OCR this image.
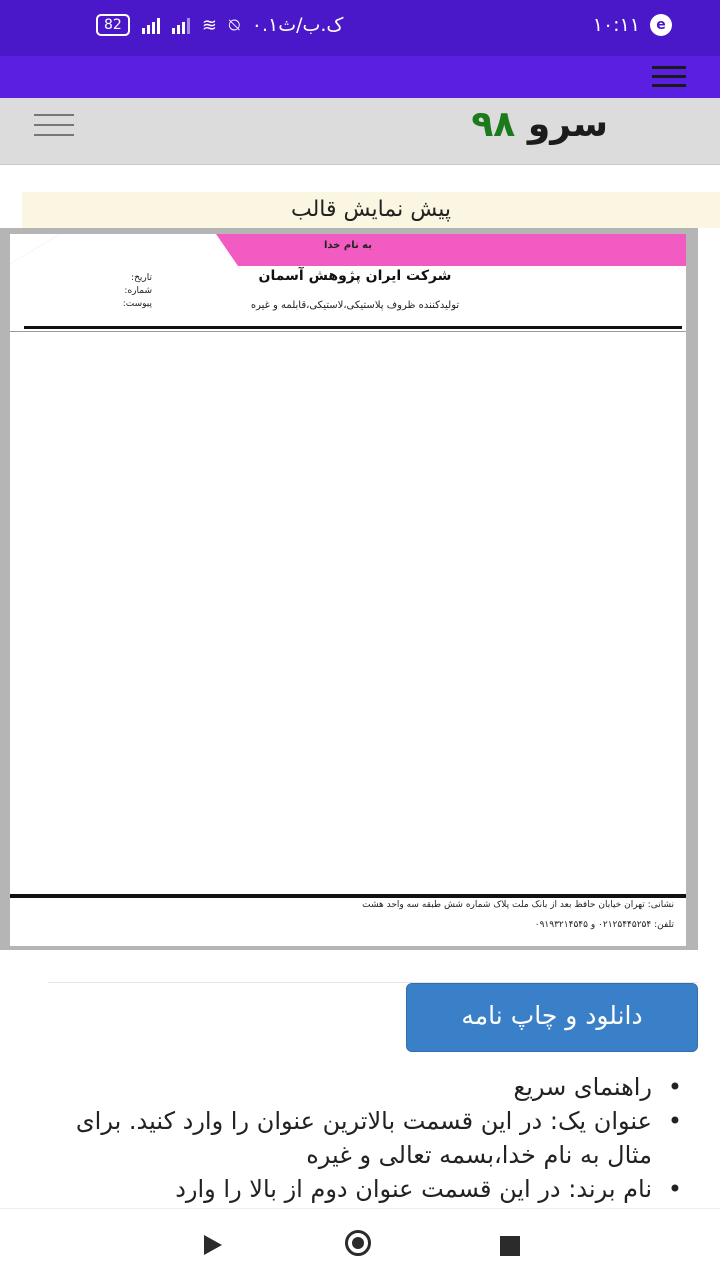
e
۱۰:۱۱
82	≋ ⍉ ۰.۱ک.ب/ث
سرو ۹۸
پیش نمایش قالب
به نام خدا
شرکت ایران پژوهش آسمان
تولیدکننده ظروف پلاستیکی،لاستیکی،قابلمه و غیره
تاریخ:
شماره:
پیوست:
نشانی: تهران خیابان حافظ بعد از بانک ملت پلاک شماره شش طبقه سه واحد هشت
تلفن: ۰۲۱۲۵۴۴۵۲۵۴ و ۰۹۱۹۳۲۱۴۵۴۵
دانلود و چاپ نامه
• راهنمای سریع
• عنوان یک: در این قسمت بالاترین عنوان را وارد کنید. برای مثال به نام خدا،بسمه تعالی و غیره
• نام برند: در این قسمت عنوان دوم از بالا را وارد
